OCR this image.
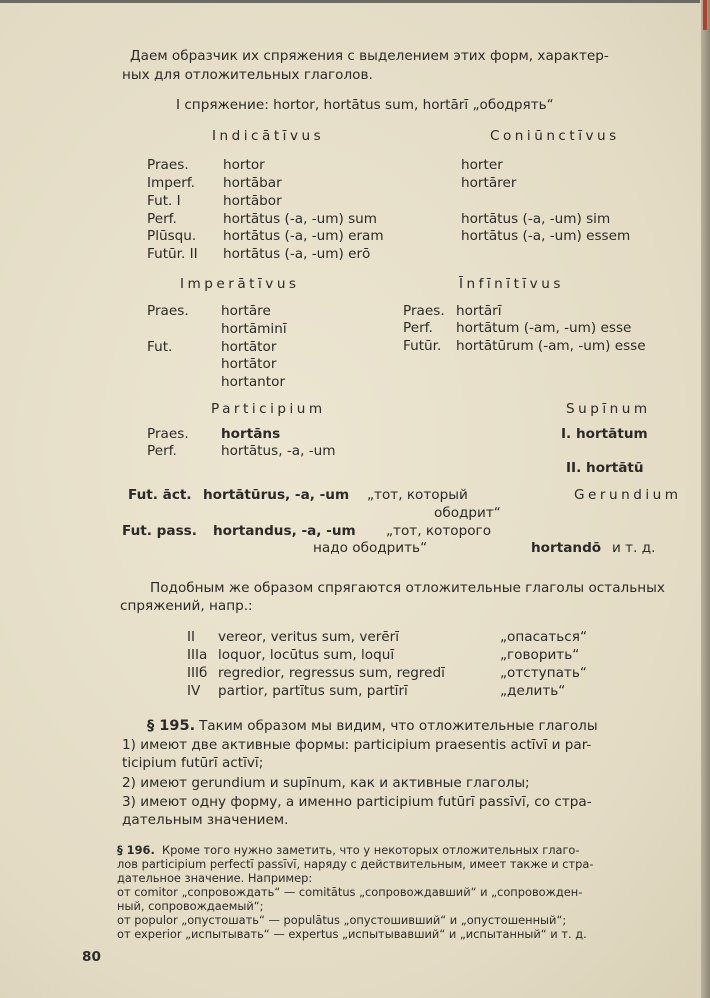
Даем образчик их спряжения с выделением этих форм, характер-
ных для отложительных глаголов.
I спряжение: hortor, hortātus sum, hortārī „ободрять“
Indicātīvus
Praes.
Imperf.
Fut. I
Perf.
Plūsqu.
Futūr. II
hortor
hortābar
hortābor
hortātus (-a, -um) sum
hortātus (-a, -um) eram
hortātus (-a, -um) erō
Coniūnctīvus
horter
hortārer
hortātus (-a, -um) sim
hortātus (-a, -um) essem
Imperātīvus
Praes.
Fut.
hortāre
hortāminī
hortātor
hortātor
hortantor
Īnfīnītīvus
Praes.
Perf.
Futūr.
hortārī
hortātum (-am, -um) esse
hortātūrum (-am, -um) esse
Participium
Praes.
Perf.
hortāns
hortātus, -a, -um
Supīnum
I. hortātum
II. hortātū
Fut. āct. hortātūrus, -a, -um „тот, который
ободрит“
Gerundium
Fut. pass. hortandus, -a, -um „тот, которого
надо ободрить“	hortandō и т. д.
Подобным же образом спрягаются отложительные глаголы остальных
спряжений, напр.:
II
IIIa
IIIб
IV
vereor, veritus sum, verērī
loquor, locūtus sum, loquī
regredior, regressus sum, regredī
partior, partītus sum, partīrī
„опасаться“
„говорить“
„отступать“
„делить“
§ 195. Таким образом мы видим, что отложительные глаголы
1) имеют две активные формы: participium praesentis actīvī и par-
ticipium futūrī actīvī;
2) имеют gerundium и supīnum, как и активные глаголы;
3) имеют одну форму, а именно participium futūrī passīvī, со стра-
дательным значением.
§ 196. Кроме того нужно заметить, что у некоторых отложительных глаго-
лов participium perfectī passīvī, наряду с действительным, имеет также и стра-
дательное значение. Например:
от comitor „сопровождать“ — comitātus „сопровождавший“ и „сопровожден-
ный, сопровождаемый“;
от populor „опустошать“ — populātus „опустошивший“ и „опустошенный“;
от experior „испытывать“ — expertus „испытывавший“ и „испытанный“ и т. д.
80
